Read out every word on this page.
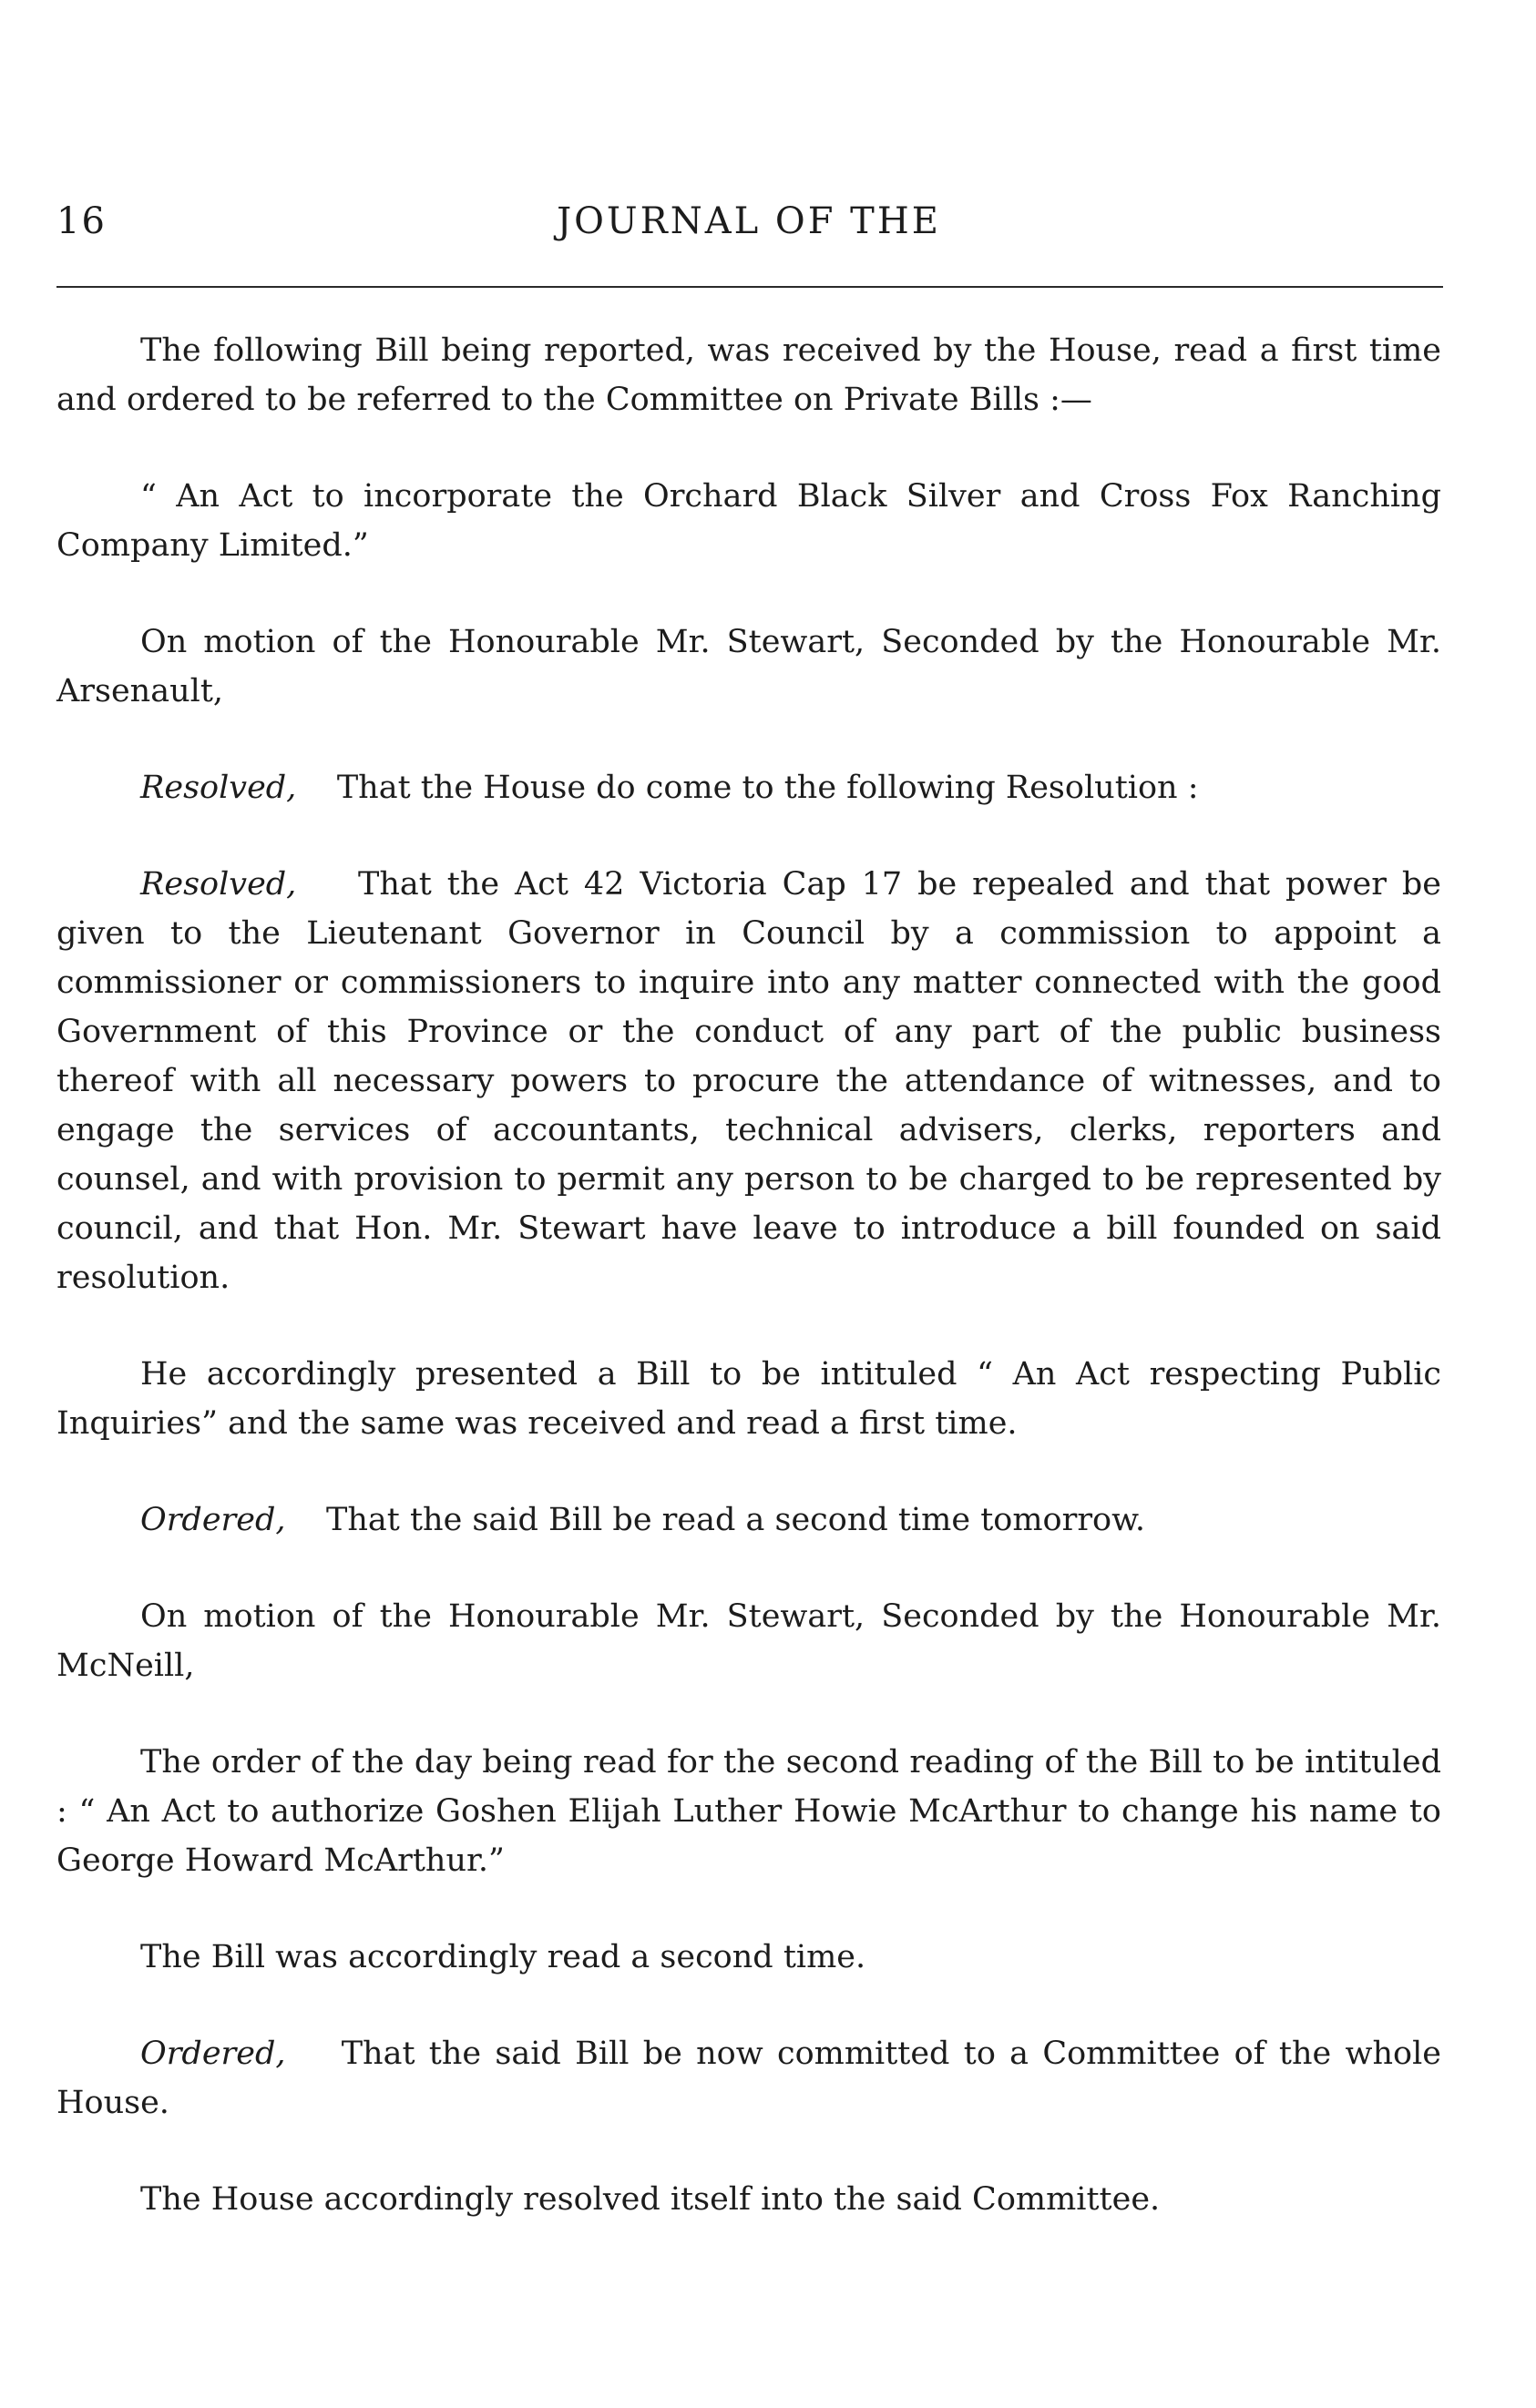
16	JOURNAL OF THE

The following Bill being reported, was received by the House, read a first time and ordered to be referred to the Committee on Private Bills :—

“ An Act to incorporate the Orchard Black Silver and Cross Fox Ranching Company Limited.”

On motion of the Honourable Mr. Stewart, Seconded by the Honourable Mr. Arsenault,

Resolved, That the House do come to the following Resolution :

Resolved, That the Act 42 Victoria Cap 17 be repealed and that power be given to the Lieutenant Governor in Council by a commission to appoint a commissioner or commissioners to inquire into any matter connected with the good Government of this Province or the conduct of any part of the public business thereof with all necessary powers to procure the attendance of witnesses, and to engage the services of accountants, technical advisers, clerks, reporters and counsel, and with provision to permit any person to be charged to be represented by council, and that Hon. Mr. Stewart have leave to introduce a bill founded on said resolution.

He accordingly presented a Bill to be intituled “ An Act respecting Public Inquiries” and the same was received and read a first time.

Ordered, That the said Bill be read a second time tomorrow.

On motion of the Honourable Mr. Stewart, Seconded by the Honourable Mr. McNeill,

The order of the day being read for the second reading of the Bill to be intituled : “ An Act to authorize Goshen Elijah Luther Howie McArthur to change his name to George Howard McArthur.”

The Bill was accordingly read a second time.

Ordered, That the said Bill be now committed to a Committee of the whole House.

The House accordingly resolved itself into the said Committee.
